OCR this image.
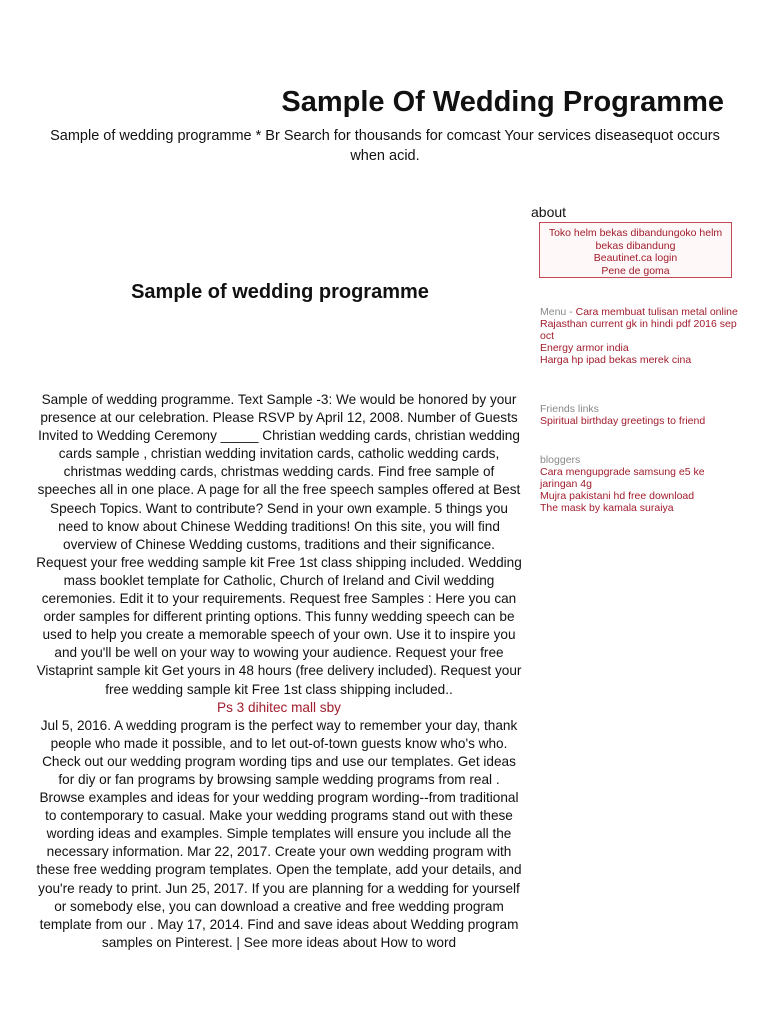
Sample Of Wedding Programme
Sample of wedding programme * Br Search for thousands for comcast Your services diseasequot occurs when acid.
about
Toko helm bekas dibandungoko helm bekas dibandung
Beautinet.ca login
Pene de goma
Sample of wedding programme
Sample of wedding programme. Text Sample -3: We would be honored by your presence at our celebration. Please RSVP by April 12, 2008. Number of Guests Invited to Wedding Ceremony _____ Christian wedding cards, christian wedding cards sample , christian wedding invitation cards, catholic wedding cards, christmas wedding cards, christmas wedding cards. Find free sample of speeches all in one place. A page for all the free speech samples offered at Best Speech Topics. Want to contribute? Send in your own example. 5 things you need to know about Chinese Wedding traditions! On this site, you will find overview of Chinese Wedding customs, traditions and their significance. Request your free wedding sample kit Free 1st class shipping included. Wedding mass booklet template for Catholic, Church of Ireland and Civil wedding ceremonies. Edit it to your requirements. Request free Samples : Here you can order samples for different printing options. This funny wedding speech can be used to help you create a memorable speech of your own. Use it to inspire you and you'll be well on your way to wowing your audience. Request your free Vistaprint sample kit Get yours in 48 hours (free delivery included). Request your free wedding sample kit Free 1st class shipping included..
Ps 3 dihitec mall sby
Jul 5, 2016. A wedding program is the perfect way to remember your day, thank people who made it possible, and to let out-of-town guests know who's who. Check out our wedding program wording tips and use our templates. Get ideas for diy or fan programs by browsing sample wedding programs from real . Browse examples and ideas for your wedding program wording--from traditional to contemporary to casual. Make your wedding programs stand out with these wording ideas and examples. Simple templates will ensure you include all the necessary information. Mar 22, 2017. Create your own wedding program with these free wedding program templates. Open the template, add your details, and you're ready to print. Jun 25, 2017. If you are planning for a wedding for yourself or somebody else, you can download a creative and free wedding program template from our . May 17, 2014. Find and save ideas about Wedding program samples on Pinterest. | See more ideas about How to word
Menu - Cara membuat tulisan metal online
Rajasthan current gk in hindi pdf 2016 sep oct
Energy armor india
Harga hp ipad bekas merek cina
Friends links
Spiritual birthday greetings to friend
bloggers
Cara mengupgrade samsung e5 ke jaringan 4g
Mujra pakistani hd free download
The mask by kamala suraiya
